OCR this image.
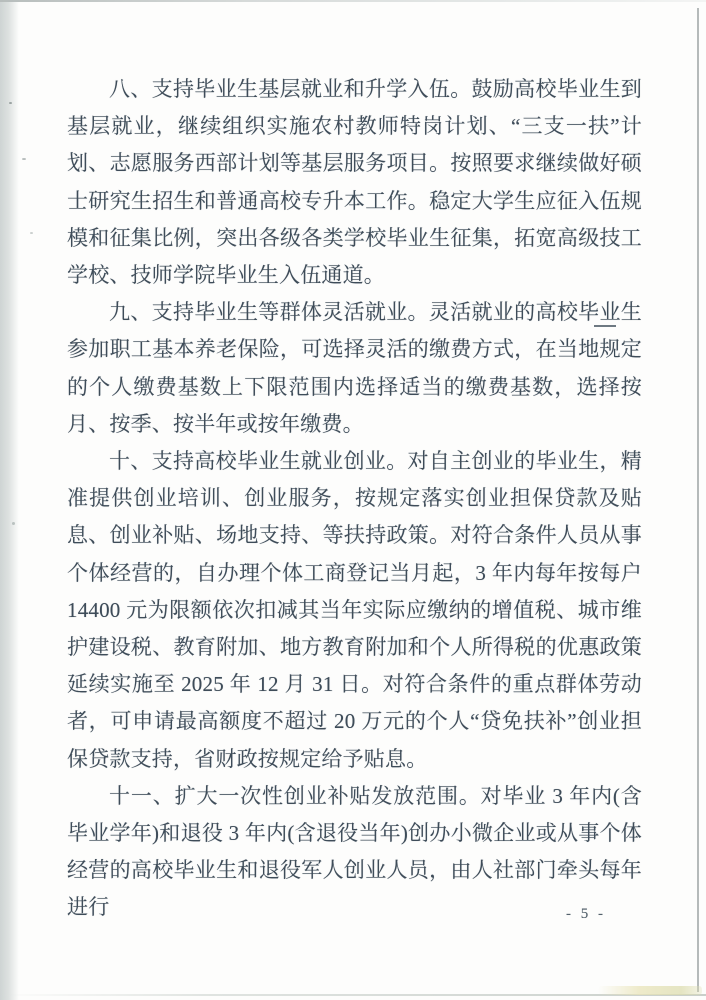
八、支持毕业生基层就业和升学入伍。鼓励高校毕业生到基层就业，继续组织实施农村教师特岗计划、“三支一扶”计划、志愿服务西部计划等基层服务项目。按照要求继续做好硕士研究生招生和普通高校专升本工作。稳定大学生应征入伍规模和征集比例，突出各级各类学校毕业生征集，拓宽高级技工学校、技师学院毕业生入伍通道。

九、支持毕业生等群体灵活就业。灵活就业的高校毕业生参加职工基本养老保险，可选择灵活的缴费方式，在当地规定的个人缴费基数上下限范围内选择适当的缴费基数，选择按月、按季、按半年或按年缴费。

十、支持高校毕业生就业创业。对自主创业的毕业生，精准提供创业培训、创业服务，按规定落实创业担保贷款及贴息、创业补贴、场地支持、等扶持政策。对符合条件人员从事个体经营的，自办理个体工商登记当月起，3 年内每年按每户 14400 元为限额依次扣减其当年实际应缴纳的增值税、城市维护建设税、教育附加、地方教育附加和个人所得税的优惠政策延续实施至 2025 年 12 月 31 日。对符合条件的重点群体劳动者，可申请最高额度不超过 20 万元的个人“贷免扶补”创业担保贷款支持，省财政按规定给予贴息。

十一、扩大一次性创业补贴发放范围。对毕业 3 年内(含毕业学年)和退役 3 年内(含退役当年)创办小微企业或从事个体经营的高校毕业生和退役军人创业人员，由人社部门牵头每年进行	- 5 -
